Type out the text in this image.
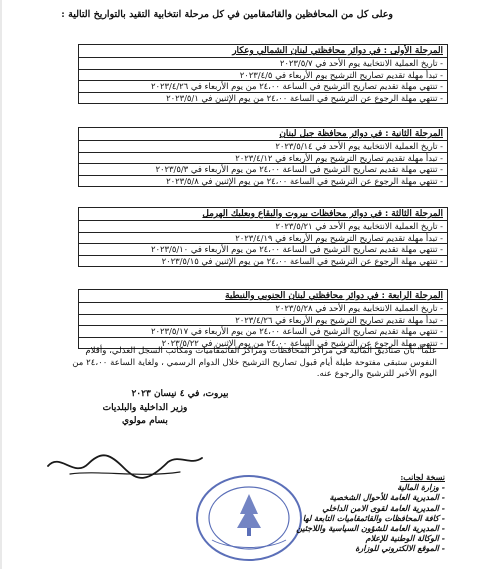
وعلى كل من المحافظين والقائمقامين في كل مرحلة انتخابية التقيد بالتواريخ التالية :
المرحلة الأولى : في دوائر محافظتي لبنان الشمالي وعكار
- تاريخ العملية الانتخابية يوم الأحد في ٢٠٢٣/٥/٧
- تبدأ مهلة تقديم تصاريح الترشيح يوم الأربعاء في ٢٠٢٣/٤/٥
- تنتهي مهلة تقديم تصاريح الترشيح في الساعة ٢٤،٠٠ من يوم الأربعاء في ٢٠٢٣/٤/٢٦
- تنتهي مهلة الرجوع عن الترشيح في الساعة ٢٤،٠٠ من يوم الإثنين في ٢٠٢٣/٥/١
المرحلة الثانية : في دوائر محافظة جبل لبنان
- تاريخ العملية الانتخابية يوم الأحد في ٢٠٢٣/٥/١٤
- تبدأ مهلة تقديم تصاريح الترشيح يوم الأربعاء في ٢٠٢٣/٤/١٢
- تنتهي مهلة تقديم تصاريح الترشيح في الساعة ٢٤،٠٠ من يوم الأربعاء في ٢٠٢٣/٥/٣
- تنتهي مهلة الرجوع عن الترشيح في الساعة ٢٤،٠٠ من يوم الإثنين في ٢٠٢٣/٥/٨
المرحلة الثالثة : في دوائر محافظات بيروت والبقاع وبعلبك الهرمل
- تاريخ العملية الانتخابية يوم الأحد في ٢٠٢٣/٥/٢١
- تبدأ مهلة تقديم تصاريح الترشيح يوم الأربعاء في ٢٠٢٣/٤/١٩
- تنتهي مهلة تقديم تصاريح الترشيح في الساعة ٢٤،٠٠ من يوم الأربعاء في ٢٠٢٣/٥/١٠
- تنتهي مهلة الرجوع عن الترشيح في الساعة ٢٤،٠٠ من يوم الإثنين في ٢٠٢٣/٥/١٥
المرحلة الرابعة : في دوائر محافظتي لبنان الجنوبي والنبطية
- تاريخ العملية الانتخابية يوم الأحد في ٢٠٢٣/٥/٢٨
- تبدأ مهلة تقديم تصاريح الترشيح يوم الأربعاء في ٢٠٢٣/٤/٢٦
- تنتهي مهلة تقديم تصاريح الترشيح في الساعة ٢٤،٠٠ من يوم الأربعاء في ٢٠٢٣/٥/١٧
- تنتهي مهلة الرجوع عن الترشيح في الساعة ٢٤،٠٠ من يوم الإثنين في ٢٠٢٣/٥/٢٢
علماً" بأن صناديق المالية في مراكز المحافظات ومراكز القائمقاميات ومكاتب السجل العدلي، وأقلام النفوس ستبقى مفتوحة طيلة أيام قبول تصاريح الترشيح خلال الدوام الرسمي ، ولغاية الساعة ٢٤،٠٠ من اليوم الأخير للترشيح والرجوع عنه.
بيروت، في ٤ نيسان ٢٠٢٣
وزير الداخلية والبلديات
بسام مولوي
نسخة لجانب:
- وزارة المالية
- المديرية العامة للأحوال الشخصية
- المديرية العامة لقوى الامن الداخلي
- كافة المحافظات والقائمقاميات التابعة لها
- المديرية العامة للشؤون السياسية واللاجئين
- الوكالة الوطنية للإعلام
- الموقع الالكتروني للوزارة
